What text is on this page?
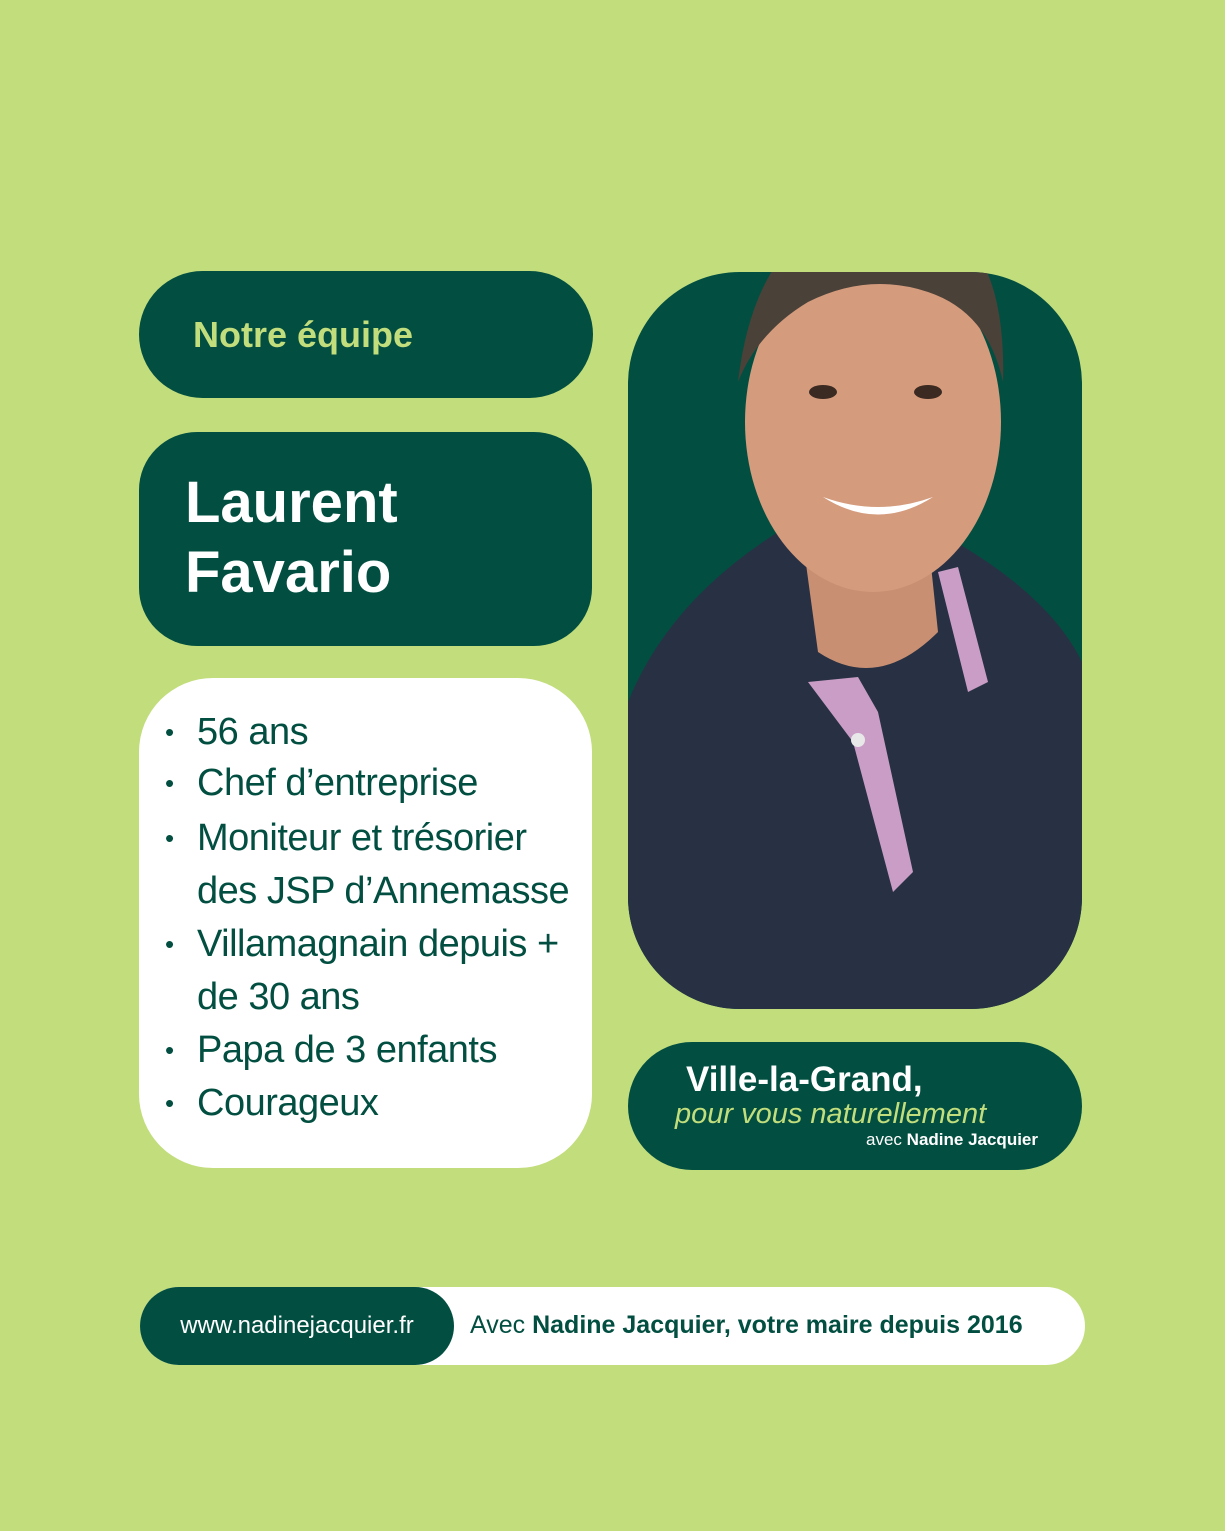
Notre équipe
Laurent
Favario
• 56 ans
• Chef d’entreprise
• Moniteur et trésorier des JSP d’Annemasse
• Villamagnain depuis + de 30 ans
• Papa de 3 enfants
• Courageux
Ville-la-Grand,
pour vous naturellement
avec Nadine Jacquier
www.nadinejacquier.fr	Avec Nadine Jacquier, votre maire depuis 2016
